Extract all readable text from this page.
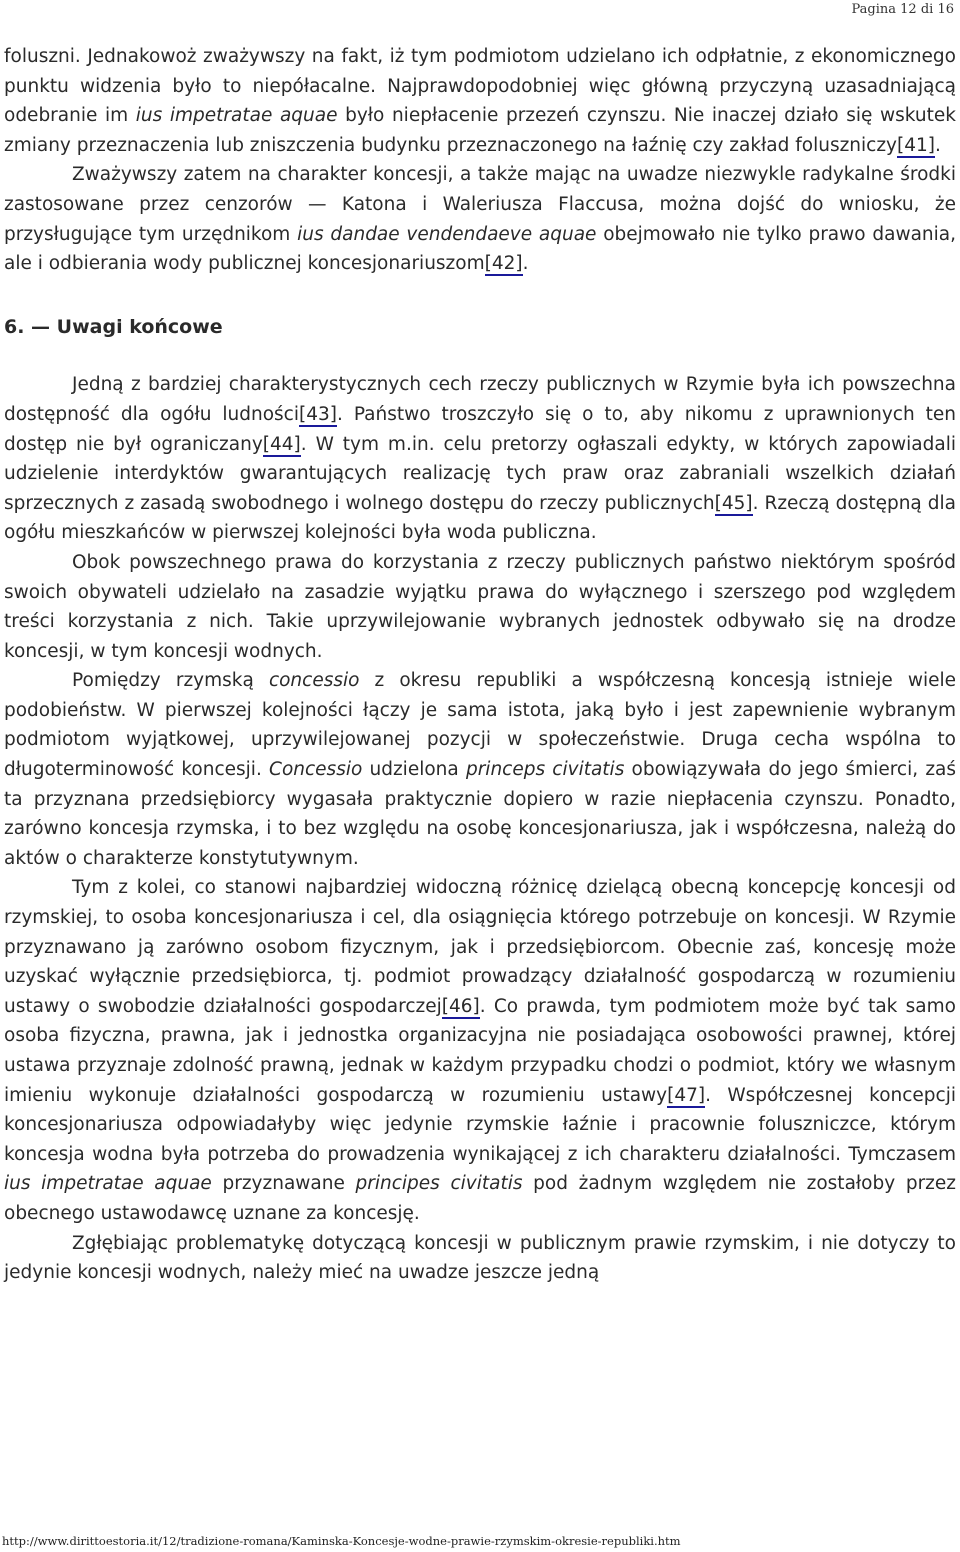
Pagina 12 di 16

foluszni. Jednakowoż zważywszy na fakt, iż tym podmiotom udzielano ich odpłatnie, z ekonomicznego punktu widzenia było to niepółacalne. Najprawdopodobniej więc główną przyczyną uzasadniającą odebranie im ius impetratae aquae było niepłacenie przezeń czynszu. Nie inaczej działo się wskutek zmiany przeznaczenia lub zniszczenia budynku przeznaczonego na łaźnię czy zakład foluszniczy[41].

Zważywszy zatem na charakter koncesji, a także mając na uwadze niezwykle radykalne środki zastosowane przez cenzorów — Katona i Waleriusza Flaccusa, można dojść do wniosku, że przysługujące tym urzędnikom ius dandae vendendaeve aquae obejmowało nie tylko prawo dawania, ale i odbierania wody publicznej koncesjonariuszom[42].

6. — Uwagi końcowe

Jedną z bardziej charakterystycznych cech rzeczy publicznych w Rzymie była ich powszechna dostępność dla ogółu ludności[43]. Państwo troszczyło się o to, aby nikomu z uprawnionych ten dostęp nie był ograniczany[44]. W tym m.in. celu pretorzy ogłaszali edykty, w których zapowiadali udzielenie interdyktów gwarantujących realizację tych praw oraz zabraniali wszelkich działań sprzecznych z zasadą swobodnego i wolnego dostępu do rzeczy publicznych[45]. Rzeczą dostępną dla ogółu mieszkańców w pierwszej kolejności była woda publiczna.

Obok powszechnego prawa do korzystania z rzeczy publicznych państwo niektórym spośród swoich obywateli udzielało na zasadzie wyjątku prawa do wyłącznego i szerszego pod względem treści korzystania z nich. Takie uprzywilejowanie wybranych jednostek odbywało się na drodze koncesji, w tym koncesji wodnych.

Pomiędzy rzymską concessio z okresu republiki a współczesną koncesją istnieje wiele podobieństw. W pierwszej kolejności łączy je sama istota, jaką było i jest zapewnienie wybranym podmiotom wyjątkowej, uprzywilejowanej pozycji w społeczeństwie. Druga cecha wspólna to długoterminowość koncesji. Concessio udzielona princeps civitatis obowiązywała do jego śmierci, zaś ta przyznana przedsiębiorcy wygasała praktycznie dopiero w razie niepłacenia czynszu. Ponadto, zarówno koncesja rzymska, i to bez względu na osobę koncesjonariusza, jak i współczesna, należą do aktów o charakterze konstytutywnym.

Tym z kolei, co stanowi najbardziej widoczną różnicę dzielącą obecną koncepcję koncesji od rzymskiej, to osoba koncesjonariusza i cel, dla osiągnięcia którego potrzebuje on koncesji. W Rzymie przyznawano ją zarówno osobom fizycznym, jak i przedsiębiorcom. Obecnie zaś, koncesję może uzyskać wyłącznie przedsiębiorca, tj. podmiot prowadzący działalność gospodarczą w rozumieniu ustawy o swobodzie działalności gospodarczej[46]. Co prawda, tym podmiotem może być tak samo osoba fizyczna, prawna, jak i jednostka organizacyjna nie posiadająca osobowości prawnej, której ustawa przyznaje zdolność prawną, jednak w każdym przypadku chodzi o podmiot, który we własnym imieniu wykonuje działalności gospodarczą w rozumieniu ustawy[47]. Współczesnej koncepcji koncesjonariusza odpowiadałyby więc jedynie rzymskie łaźnie i pracownie foluszniczce, którym koncesja wodna była potrzeba do prowadzenia wynikającej z ich charakteru działalności. Tymczasem ius impetratae aquae przyznawane principes civitatis pod żadnym względem nie zostałoby przez obecnego ustawodawcę uznane za koncesję.

Zgłębiając problematykę dotyczącą koncesji w publicznym prawie rzymskim, i nie dotyczy to jedynie koncesji wodnych, należy mieć na uwadze jeszcze jedną

http://www.dirittoestoria.it/12/tradizione-romana/Kaminska-Koncesje-wodne-prawie-rzymskim-okresie-republiki.htm
